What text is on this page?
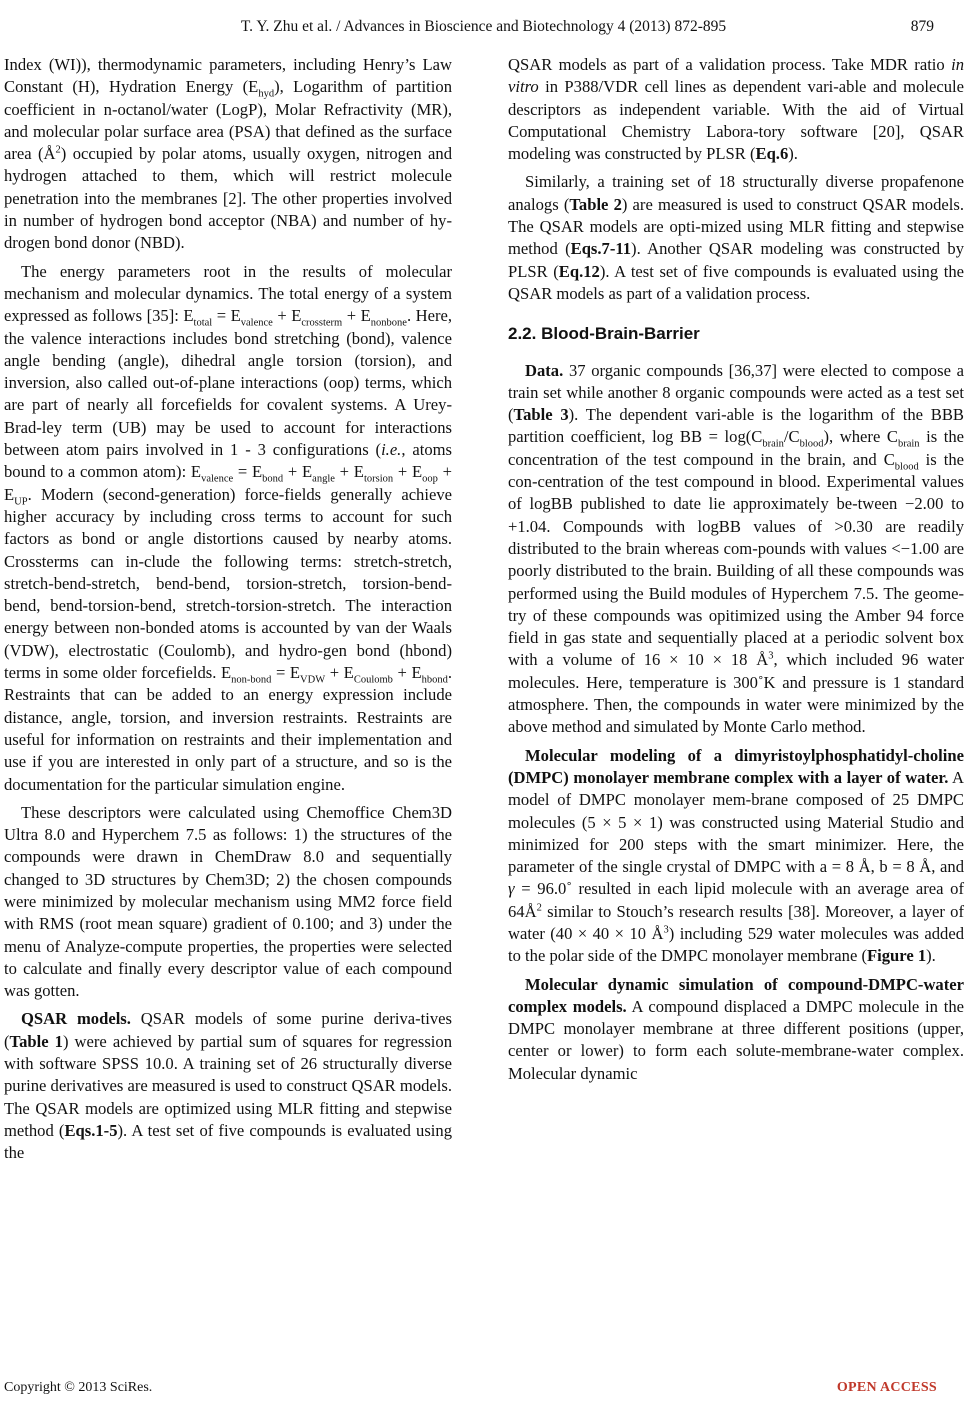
T. Y. Zhu et al. / Advances in Bioscience and Biotechnology 4 (2013) 872-895	879

Index (WI)), thermodynamic parameters, including Henry’s Law Constant (H), Hydration Energy $(E_{hyd})$, Logarithm of partition coefficient in n-octanol/water (LogP), Molar Refractivity (MR), and molecular polar surface area (PSA) that defined as the surface area $(Å^2)$ occupied by polar atoms, usually oxygen, nitrogen and hydrogen attached to them, which will restrict molecule penetration into the membranes [2]. The other properties involved in number of hydrogen bond acceptor (NBA) and number of hy-drogen bond donor (NBD).

The energy parameters root in the results of molecular mechanism and molecular dynamics. The total energy of a system expressed as follows [35]: $E_{total} = E_{valence} + E_{crossterm} + E_{nonbone}$. Here, the valence interactions includes bond stretching (bond), valence angle bending (angle), dihedral angle torsion (torsion), and inversion, also called out-of-plane interactions (oop) terms, which are part of nearly all forcefields for covalent systems. A Urey-Brad-ley term (UB) may be used to account for interactions between atom pairs involved in 1 - 3 configurations (i.e., atoms bound to a common atom): $E_{valence} = E_{bond} + E_{angle} + E_{torsion} + E_{oop} + E_{UP}$. Modern (second-generation) force-fields generally achieve higher accuracy by including cross terms to account for such factors as bond or angle distortions caused by nearby atoms. Crossterms can in-clude the following terms: stretch-stretch, stretch-bend-stretch, bend-bend, torsion-stretch, torsion-bend-bend, bend-torsion-bend, stretch-torsion-stretch. The interaction energy between non-bonded atoms is accounted by van der Waals (VDW), electrostatic (Coulomb), and hydro-gen bond (hbond) terms in some older forcefields. $E_{non-bond} = E_{VDW} + E_{Coulomb} + E_{hbond}$. Restraints that can be added to an energy expression include distance, angle, torsion, and inversion restraints. Restraints are useful for information on restraints and their implementation and use if you are interested in only part of a structure, and so is the documentation for the particular simulation engine.

These descriptors were calculated using Chemoffice Chem3D Ultra 8.0 and Hyperchem 7.5 as follows: 1) the structures of the compounds were drawn in ChemDraw 8.0 and sequentially changed to 3D structures by Chem3D; 2) the chosen compounds were minimized by molecular mechanism using MM2 force field with RMS (root mean square) gradient of 0.100; and 3) under the menu of Analyze-compute properties, the properties were selected to calculate and finally every descriptor value of each compound was gotten.

QSAR models. QSAR models of some purine deriva-tives (Table 1) were achieved by partial sum of squares for regression with software SPSS 10.0. A training set of 26 structurally diverse purine derivatives are measured is used to construct QSAR models. The QSAR models are optimized using MLR fitting and stepwise method (Eqs.1-5). A test set of five compounds is evaluated using the

QSAR models as part of a validation process. Take MDR ratio in vitro in P388/VDR cell lines as dependent vari-able and molecule descriptors as independent variable. With the aid of Virtual Computational Chemistry Labora-tory software [20], QSAR modeling was constructed by PLSR (Eq.6).

Similarly, a training set of 18 structurally diverse propafenone analogs (Table 2) are measured is used to construct QSAR models. The QSAR models are opti-mized using MLR fitting and stepwise method (Eqs.7-11). Another QSAR modeling was constructed by PLSR (Eq.12). A test set of five compounds is evaluated using the QSAR models as part of a validation process.

2.2. Blood-Brain-Barrier

Data. 37 organic compounds [36,37] were elected to compose a train set while another 8 organic compounds were acted as a test set (Table 3). The dependent vari-able is the logarithm of the BBB partition coefficient, log BB = $\log(C_{brain}/C_{blood})$, where $C_{brain}$ is the concentration of the test compound in the brain, and $C_{blood}$ is the con-centration of the test compound in blood. Experimental values of logBB published to date lie approximately be-tween −2.00 to +1.04. Compounds with logBB values of >0.30 are readily distributed to the brain whereas com-pounds with values <−1.00 are poorly distributed to the brain. Building of all these compounds was performed using the Build modules of Hyperchem 7.5. The geome-try of these compounds was opitimized using the Amber 94 force field in gas state and sequentially placed at a periodic solvent box with a volume of 16 × 10 × 18 $Å^3$, which included 96 water molecules. Here, temperature is 300˚K and pressure is 1 standard atmosphere. Then, the compounds in water were minimized by the above method and simulated by Monte Carlo method.

Molecular modeling of a dimyristoylphosphatidyl-choline (DMPC) monolayer membrane complex with a layer of water. A model of DMPC monolayer mem-brane composed of 25 DMPC molecules (5 × 5 × 1) was constructed using Material Studio and minimized for 200 steps with the smart minimizer. Here, the parameter of the single crystal of DMPC with a = 8 Å, b = 8 Å, and γ = 96.0˚ resulted in each lipid molecule with an average area of $64Å^2$ similar to Stouch’s research results [38]. Moreover, a layer of water (40 × 40 × 10 $Å^3$) including 529 water molecules was added to the polar side of the DMPC monolayer membrane (Figure 1).

Molecular dynamic simulation of compound-DMPC-water complex models. A compound displaced a DMPC molecule in the DMPC monolayer membrane at three different positions (upper, center or lower) to form each solute-membrane-water complex. Molecular dynamic

Copyright © 2013 SciRes.	OPEN ACCESS
